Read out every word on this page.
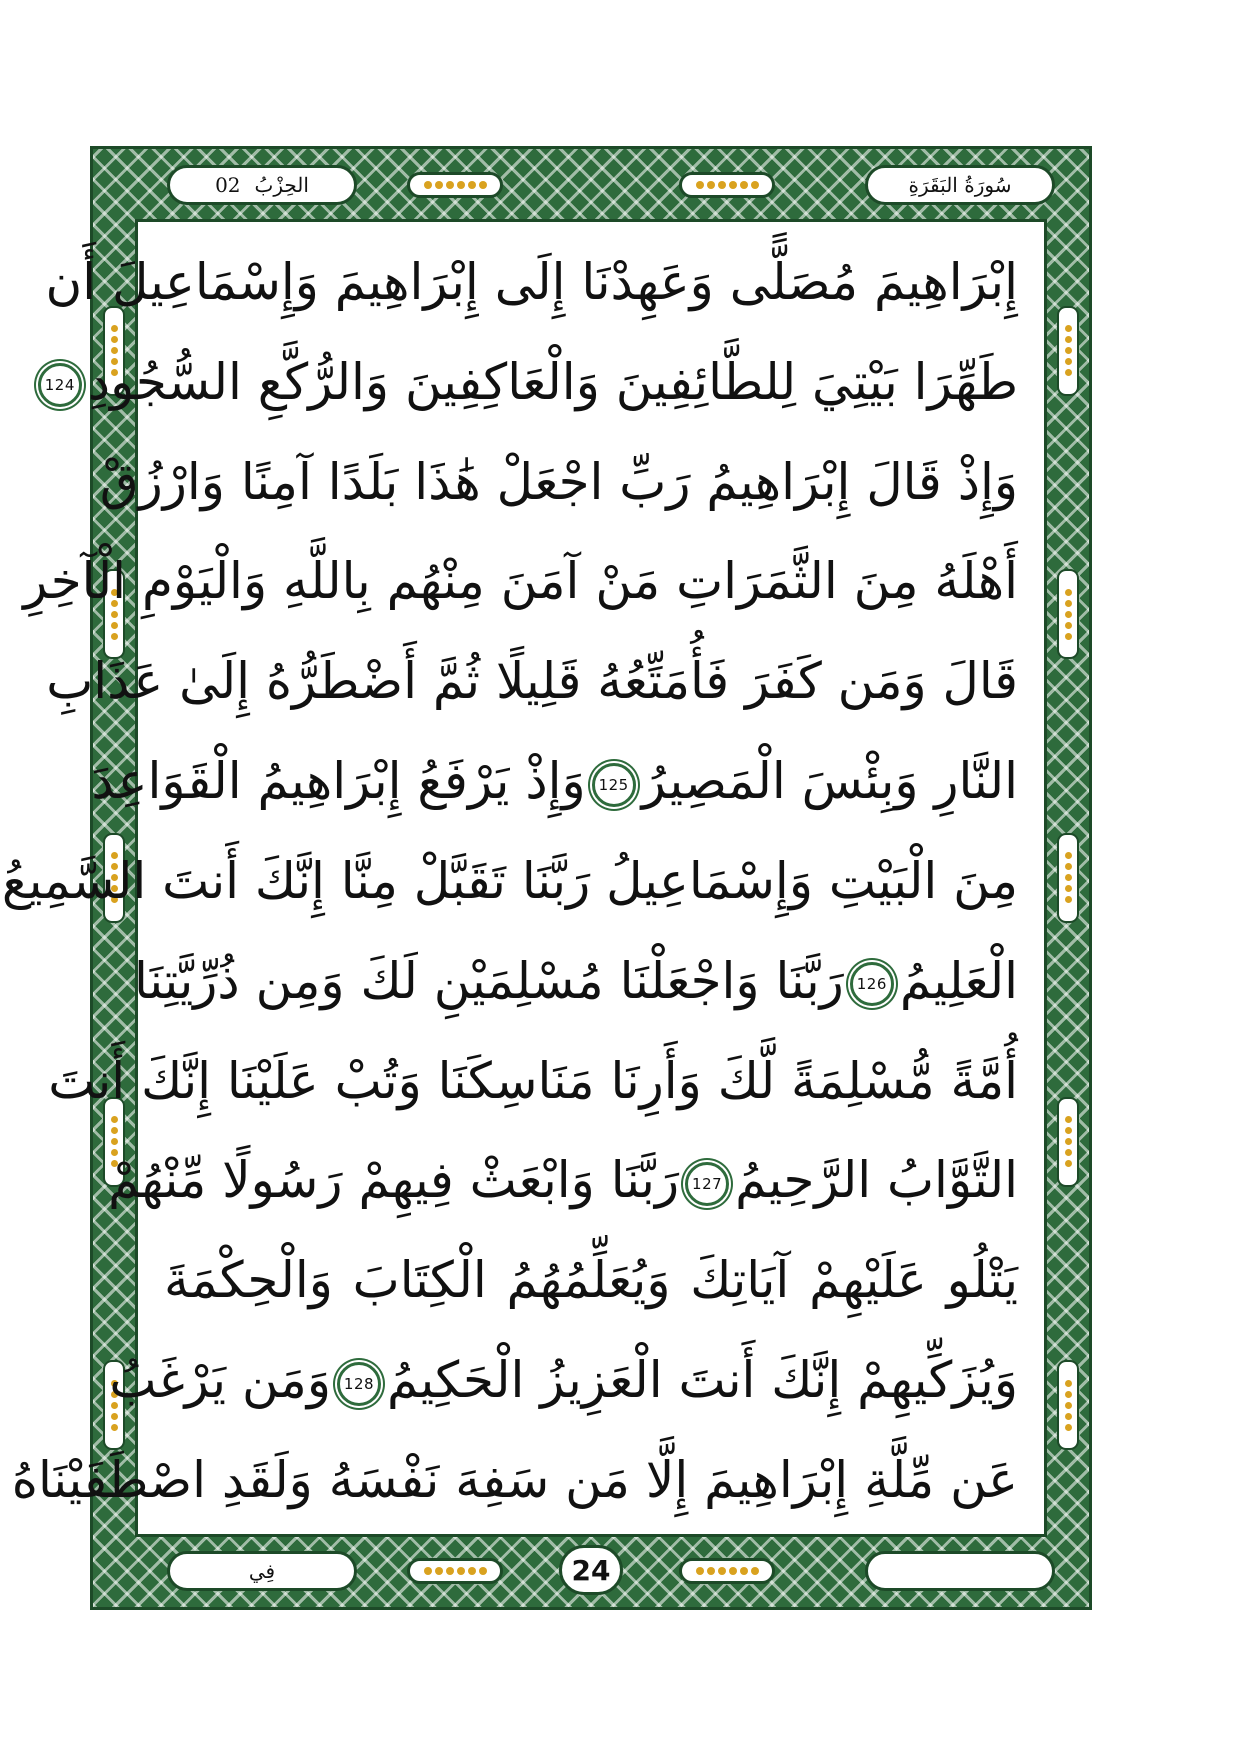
سُورَةُ البَقَرَةِ
الحِزْبُ
02
إِبْرَاهِيمَ مُصَلًّى وَعَهِدْنَا إِلَى إِبْرَاهِيمَ وَإِسْمَاعِيلَ أَن
طَهِّرَا بَيْتِيَ لِلطَّائِفِينَ وَالْعَاكِفِينَ وَالرُّكَّعِ السُّجُودِ124
وَإِذْ قَالَ إِبْرَاهِيمُ رَبِّ اجْعَلْ هَٰذَا بَلَدًا آمِنًا وَارْزُقْ
أَهْلَهُ مِنَ الثَّمَرَاتِ مَنْ آمَنَ مِنْهُم بِاللَّهِ وَالْيَوْمِ الْآخِرِ
قَالَ وَمَن كَفَرَ فَأُمَتِّعُهُ قَلِيلًا ثُمَّ أَضْطَرُّهُ إِلَىٰ عَذَابِ
النَّارِ وَبِئْسَ الْمَصِيرُ125وَإِذْ يَرْفَعُ إِبْرَاهِيمُ الْقَوَاعِدَ
مِنَ الْبَيْتِ وَإِسْمَاعِيلُ رَبَّنَا تَقَبَّلْ مِنَّا إِنَّكَ أَنتَ السَّمِيعُ
الْعَلِيمُ126رَبَّنَا وَاجْعَلْنَا مُسْلِمَيْنِ لَكَ وَمِن ذُرِّيَّتِنَا
أُمَّةً مُّسْلِمَةً لَّكَ وَأَرِنَا مَنَاسِكَنَا وَتُبْ عَلَيْنَا إِنَّكَ أَنتَ
التَّوَّابُ الرَّحِيمُ127رَبَّنَا وَابْعَثْ فِيهِمْ رَسُولًا مِّنْهُمْ
يَتْلُو عَلَيْهِمْ آيَاتِكَ وَيُعَلِّمُهُمُ الْكِتَابَ وَالْحِكْمَةَ
وَيُزَكِّيهِمْ إِنَّكَ أَنتَ الْعَزِيزُ الْحَكِيمُ128وَمَن يَرْغَبُ
عَن مِّلَّةِ إِبْرَاهِيمَ إِلَّا مَن سَفِهَ نَفْسَهُ وَلَقَدِ اصْطَفَيْنَاهُ
فِي	24
